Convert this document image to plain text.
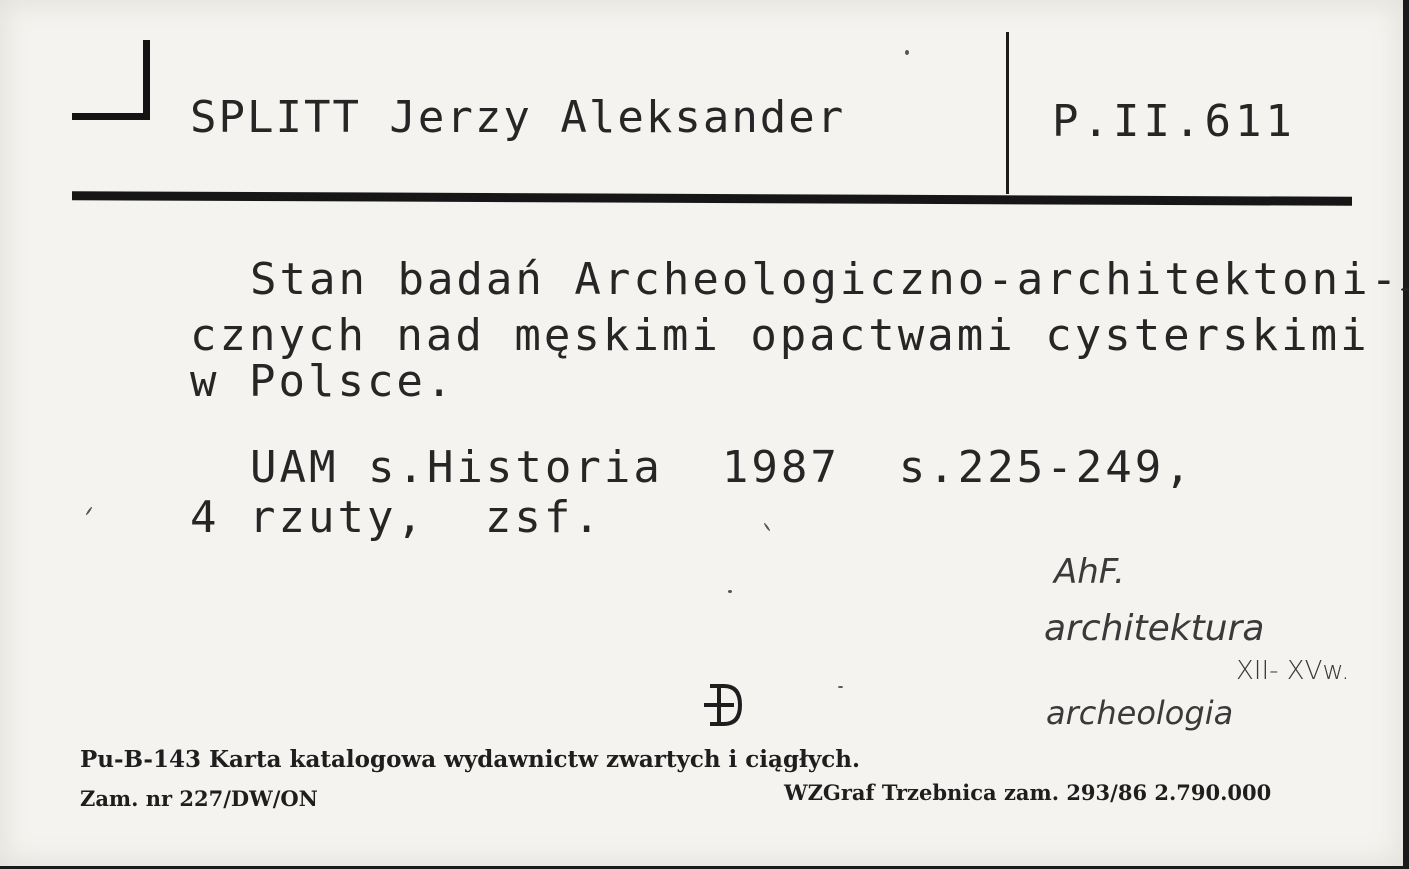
SPLITT Jerzy Aleksander	P.II.611
Stan badań Archeologiczno-architektoni-
cznych nad męskimi opactwami cysterskimi
w Polsce.
UAM s.Historia  1987  s.225-249,
4 rzuty,  zsf.
AhF.
architektura
XII- XVw.
archeologia
Pu-B-143 Karta katalogowa wydawnictw zwartych i ciągłych.
Zam. nr 227/DW/ON	WZGraf Trzebnica zam. 293/86 2.790.000
